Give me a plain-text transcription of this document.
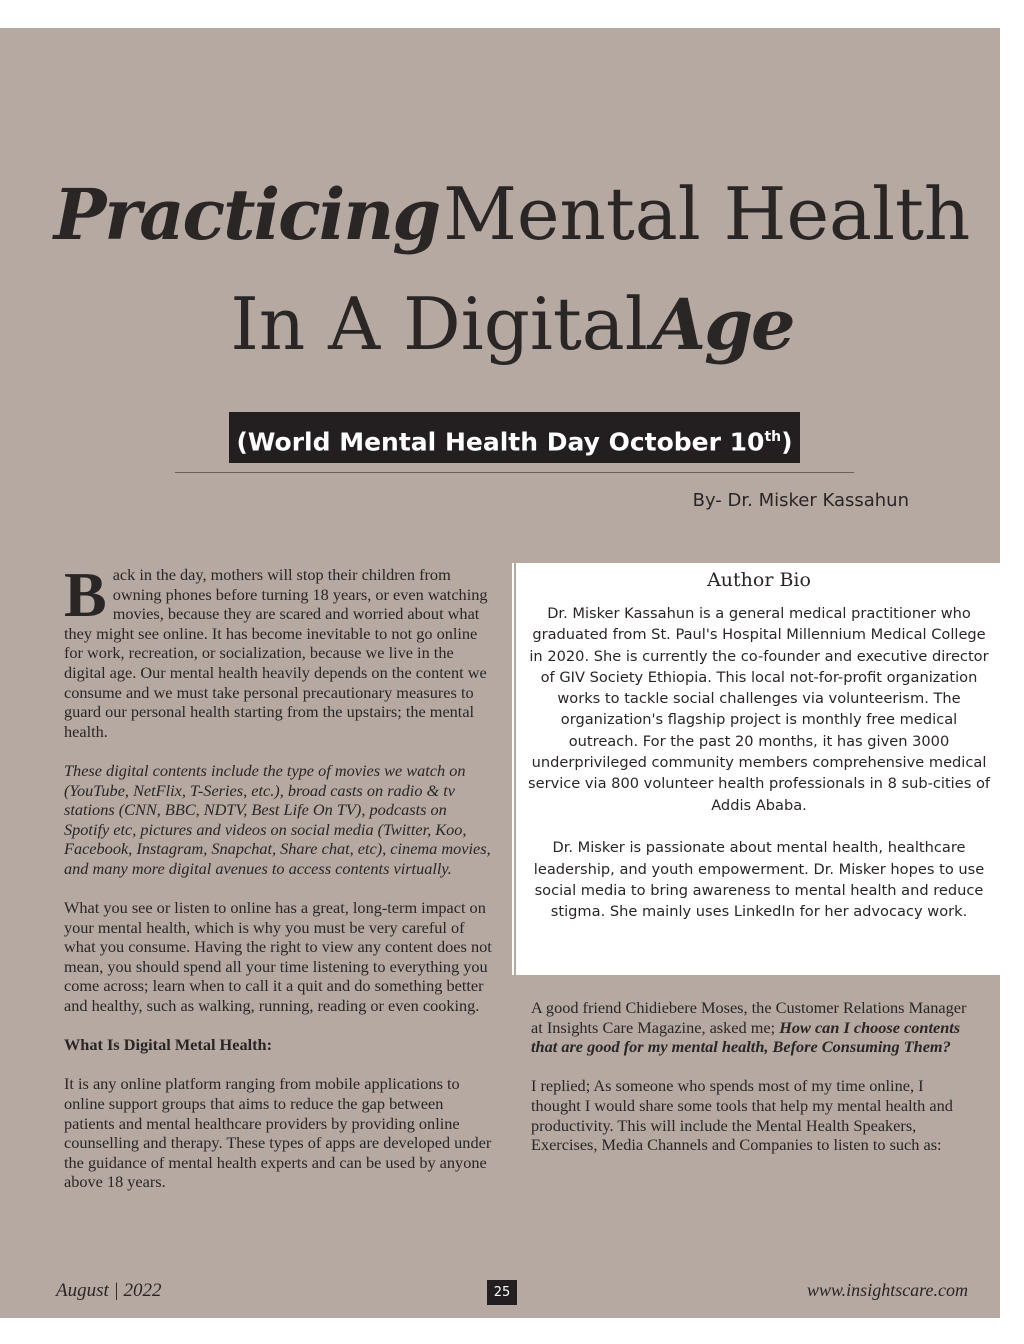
Practicing Mental Health
In A Digital Age
(World Mental Health Day October 10th)
By- Dr. Misker Kassahun

Back in the day, mothers will stop their children from owning phones before turning 18 years, or even watching movies, because they are scared and worried about what they might see online. It has become inevitable to not go online for work, recreation, or socialization, because we live in the digital age. Our mental health heavily depends on the content we consume and we must take personal precautionary measures to guard our personal health starting from the upstairs; the mental health.

These digital contents include the type of movies we watch on (YouTube, NetFlix, T-Series, etc.), broad casts on radio & tv stations (CNN, BBC, NDTV, Best Life On TV), podcasts on Spotify etc, pictures and videos on social media (Twitter, Koo, Facebook, Instagram, Snapchat, Share chat, etc), cinema movies, and many more digital avenues to access contents virtually.

What you see or listen to online has a great, long-term impact on your mental health, which is why you must be very careful of what you consume. Having the right to view any content does not mean, you should spend all your time listening to everything you come across; learn when to call it a quit and do something better and healthy, such as walking, running, reading or even cooking.

What Is Digital Metal Health:

It is any online platform ranging from mobile applications to online support groups that aims to reduce the gap between patients and mental healthcare providers by providing online counselling and therapy. These types of apps are developed under the guidance of mental health experts and can be used by anyone above 18 years.

Author Bio

Dr. Misker Kassahun is a general medical practitioner who graduated from St. Paul's Hospital Millennium Medical College in 2020. She is currently the co-founder and executive director of GIV Society Ethiopia. This local not-for-profit organization works to tackle social challenges via volunteerism. The organization's flagship project is monthly free medical outreach. For the past 20 months, it has given 3000 underprivileged community members comprehensive medical service via 800 volunteer health professionals in 8 sub-cities of Addis Ababa.

Dr. Misker is passionate about mental health, healthcare leadership, and youth empowerment. Dr. Misker hopes to use social media to bring awareness to mental health and reduce stigma. She mainly uses LinkedIn for her advocacy work.

A good friend Chidiebere Moses, the Customer Relations Manager at Insights Care Magazine, asked me; How can I choose contents that are good for my mental health, Before Consuming Them?

I replied; As someone who spends most of my time online, I thought I would share some tools that help my mental health and productivity. This will include the Mental Health Speakers, Exercises, Media Channels and Companies to listen to such as:

August | 2022	25	www.insightscare.com
